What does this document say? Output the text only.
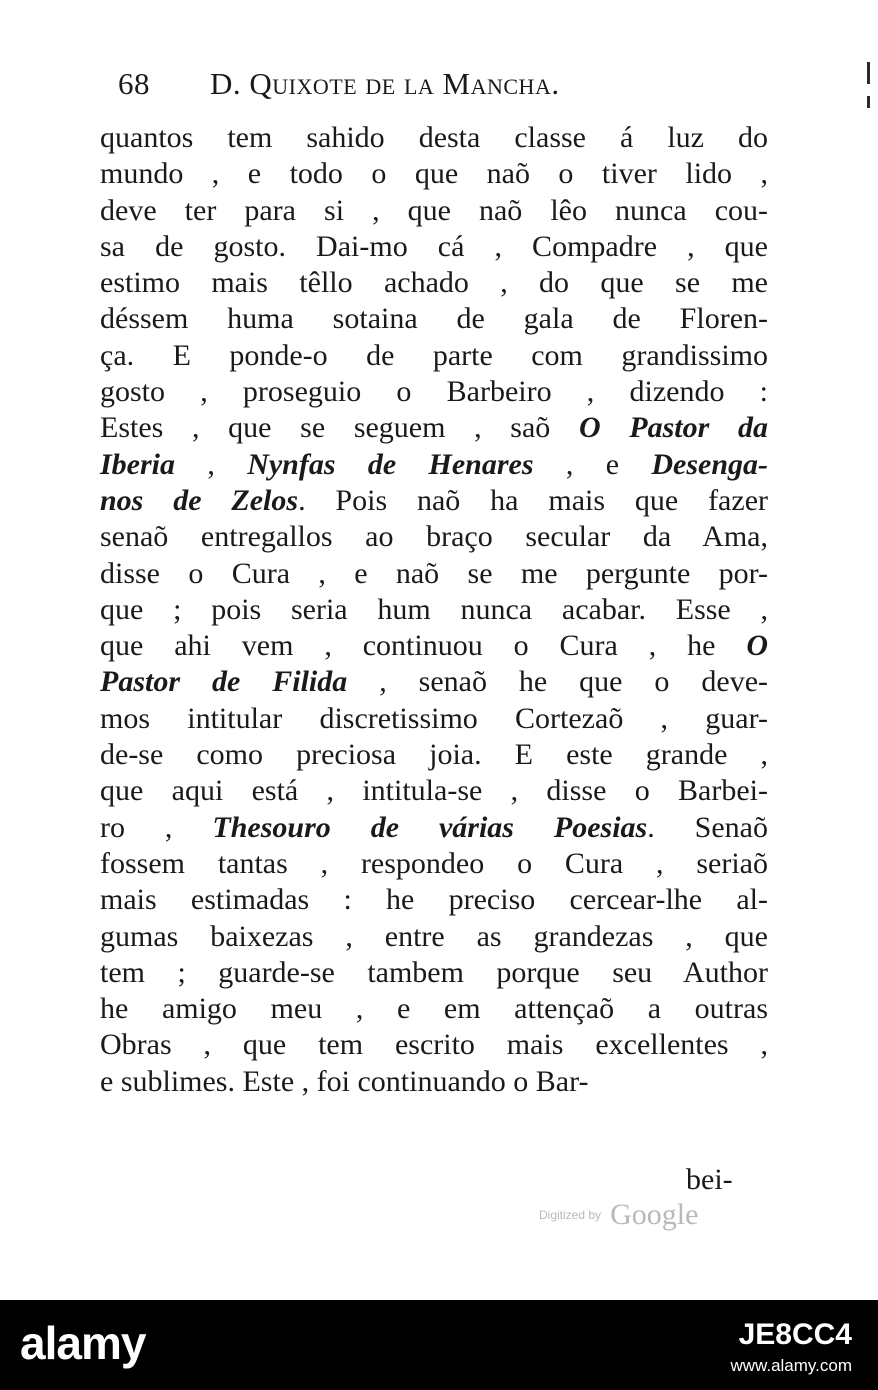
68 D. Quixote de la Mancha.
quantos tem sahido desta classe á luz do
mundo , e todo o que naõ o tiver lido ,
deve ter para si , que naõ lêo nunca cou-
sa de gosto. Dai-mo cá , Compadre , que
estimo mais têllo achado , do que se me
déssem huma sotaina de gala de Floren-
ça. E ponde-o de parte com grandissimo
gosto , proseguio o Barbeiro , dizendo :
Estes , que se seguem , saõ O Pastor da
Iberia , Nynfas de Henares , e Desenga-
nos de Zelos. Pois naõ ha mais que fazer
senaõ entregallos ao braço secular da Ama,
disse o Cura , e naõ se me pergunte por-
que ; pois seria hum nunca acabar. Esse ,
que ahi vem , continuou o Cura , he O
Pastor de Filida , senaõ he que o deve-
mos intitular discretissimo Cortezaõ , guar-
de-se como preciosa joia. E este grande ,
que aqui está , intitula-se , disse o Barbei-
ro , Thesouro de várias Poesias. Senaõ
fossem tantas , respondeo o Cura , seriaõ
mais estimadas : he preciso cercear-lhe al-
gumas baixezas , entre as grandezas , que
tem ; guarde-se tambem porque seu Author
he amigo meu , e em attençaõ a outras
Obras , que tem escrito mais excellentes ,
e sublimes. Este , foi continuando o Bar-
bei-
Digitized by Google
alamy	JE8CC4
www.alamy.com
